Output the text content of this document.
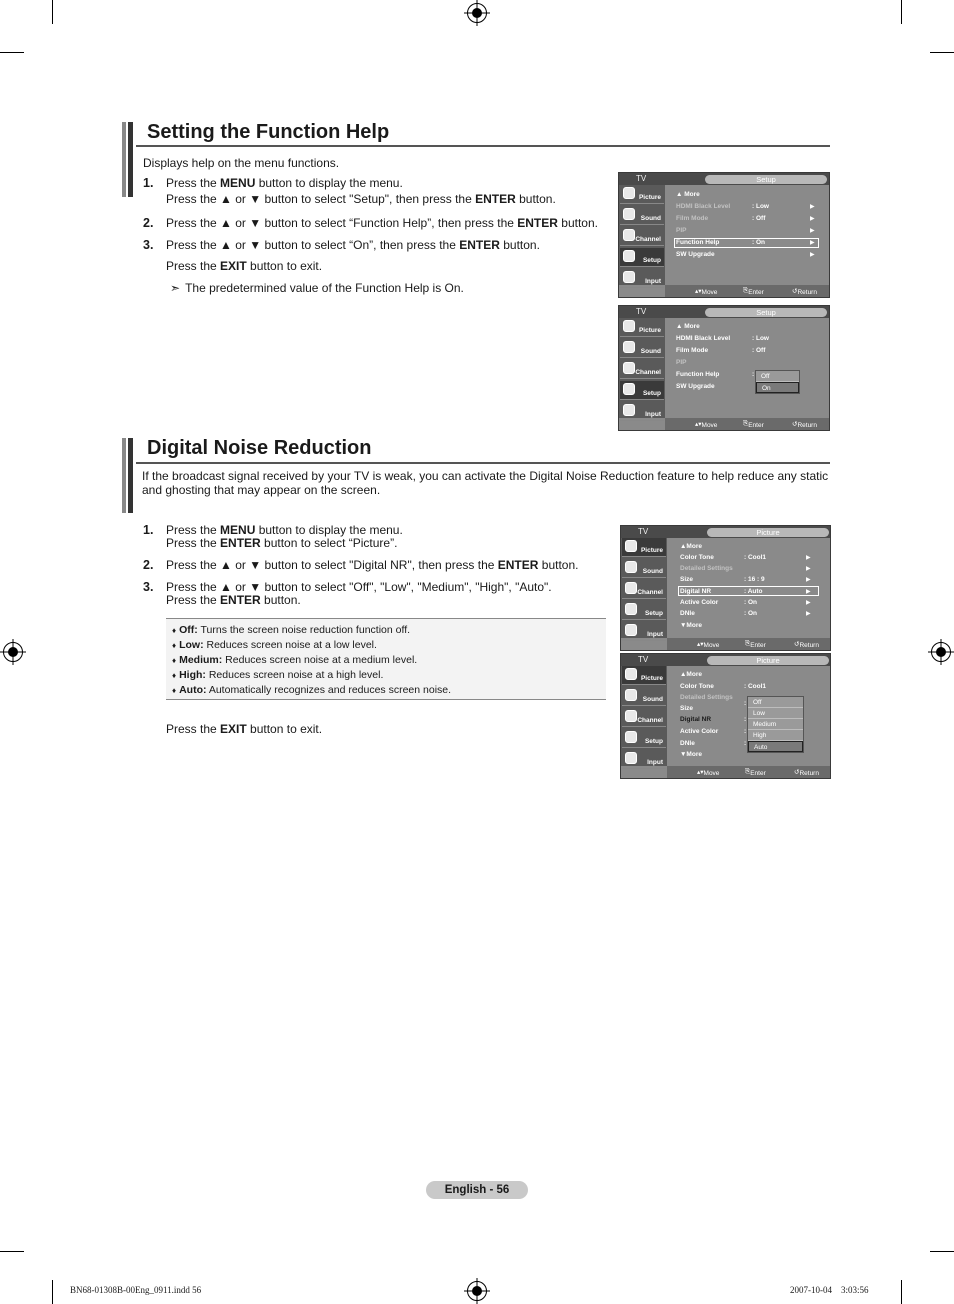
Setting the Function Help
Displays help on the menu functions.
1. Press the MENU button to display the menu.
Press the ▲ or ▼ button to select "Setup", then press the ENTER button.
2. Press the ▲ or ▼ button to select “Function Help”, then press the ENTER button.
3. Press the ▲ or ▼ button to select “On”, then press the ENTER button.
Press the EXIT button to exit.
➣ The predetermined value of the Function Help is On.
TV	Setup
Picture
Sound
Channel
Setup
Input
▲ More
HDMI Black Level	: Low	▶
Film Mode	: Off	▶
PIP	▶
Function Help	: On	▶
SW Upgrade	▶
▴▾ Move	⎘ Enter	↺ Return
TV	Setup
Picture
Sound
Channel
Setup
Input
▲ More
HDMI Black Level	: Low
Film Mode	: Off
PIP
Function Help	:
SW Upgrade
Off
On
▴▾ Move	⎘ Enter	↺ Return
Digital Noise Reduction
If the broadcast signal received by your TV is weak, you can activate the Digital Noise Reduction feature to help reduce any static
and ghosting that may appear on the screen.
1. Press the MENU button to display the menu.
Press the ENTER button to select “Picture”.
2. Press the ▲ or ▼ button to select "Digital NR", then press the ENTER button.
3. Press the ▲ or ▼ button to select "Off", "Low", "Medium", "High", "Auto".
Press the ENTER button.
♦ Off: Turns the screen noise reduction function off.
♦ Low: Reduces screen noise at a low level.
♦ Medium: Reduces screen noise at a medium level.
♦ High: Reduces screen noise at a high level.
♦ Auto: Automatically recognizes and reduces screen noise.
Press the EXIT button to exit.
TV	Picture
Picture
Sound
Channel
Setup
Input
▲More
Color Tone	: Cool1	▶
Detailed Settings	▶
Size	: 16 : 9	▶
Digital NR	: Auto	▶
Active Color	: On	▶
DNIe	: On	▶
▼More
▴▾ Move	⎘ Enter	↺ Return
TV	Picture
Picture
Sound
Channel
Setup
Input
▲More
Color Tone	: Cool1
Detailed Settings
Size
:
Digital NR	:
Active Color	:
DNIe	:
▼More
Off
Low
Medium
High
Auto
▴▾ Move	⎘ Enter	↺ Return
English - 56
BN68-01308B-00Eng_0911.indd 56	2007-10-04    3:03:56
